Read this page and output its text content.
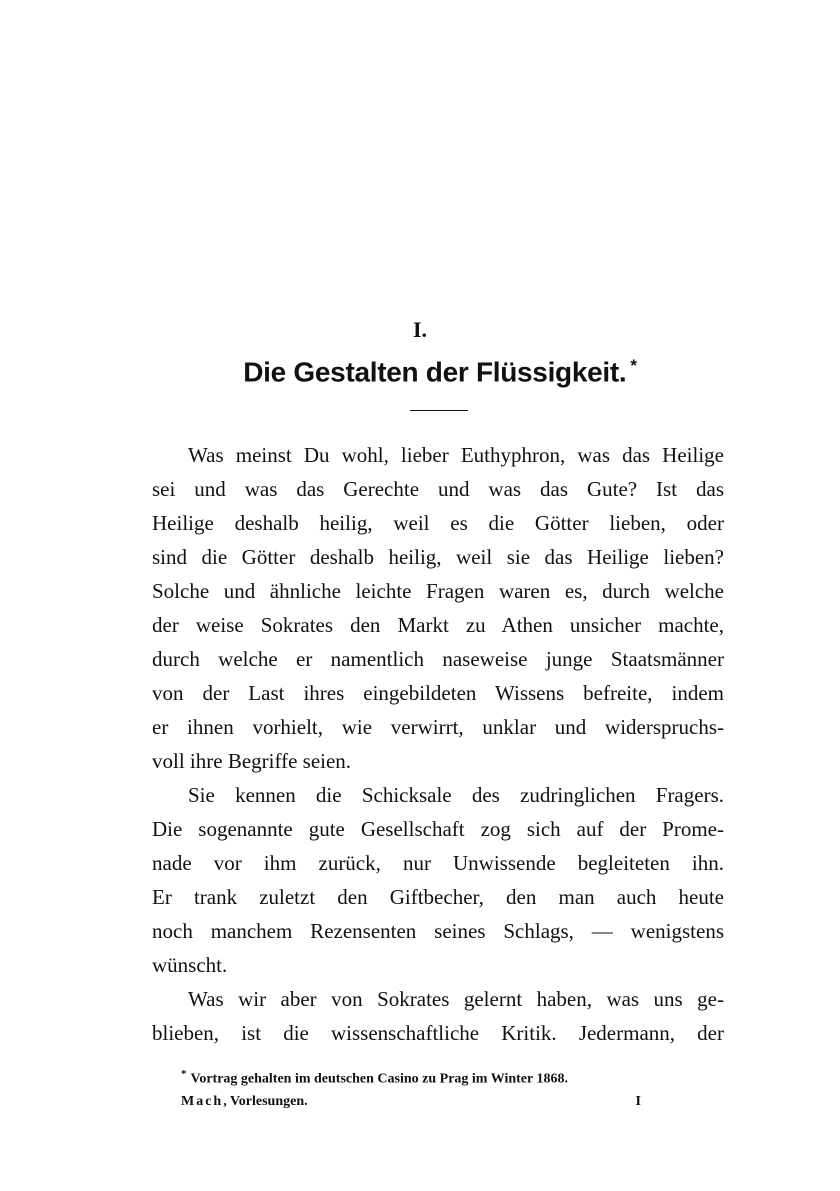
I.
Die Gestalten der Flüssigkeit. *
Was meinst Du wohl, lieber Euthyphron, was das Heilige
sei und was das Gerechte und was das Gute? Ist das
Heilige deshalb heilig, weil es die Götter lieben, oder
sind die Götter deshalb heilig, weil sie das Heilige lieben?
Solche und ähnliche leichte Fragen waren es, durch welche
der weise Sokrates den Markt zu Athen unsicher machte,
durch welche er namentlich naseweise junge Staatsmänner
von der Last ihres eingebildeten Wissens befreite, indem
er ihnen vorhielt, wie verwirrt, unklar und widerspruchs-
voll ihre Begriffe seien.
Sie kennen die Schicksale des zudringlichen Fragers.
Die sogenannte gute Gesellschaft zog sich auf der Prome-
nade vor ihm zurück, nur Unwissende begleiteten ihn.
Er trank zuletzt den Giftbecher, den man auch heute
noch manchem Rezensenten seines Schlags, — wenigstens
wünscht.
Was wir aber von Sokrates gelernt haben, was uns ge-
blieben, ist die wissenschaftliche Kritik. Jedermann, der
* Vortrag gehalten im deutschen Casino zu Prag im Winter 1868.
Mach, Vorlesungen.	I
